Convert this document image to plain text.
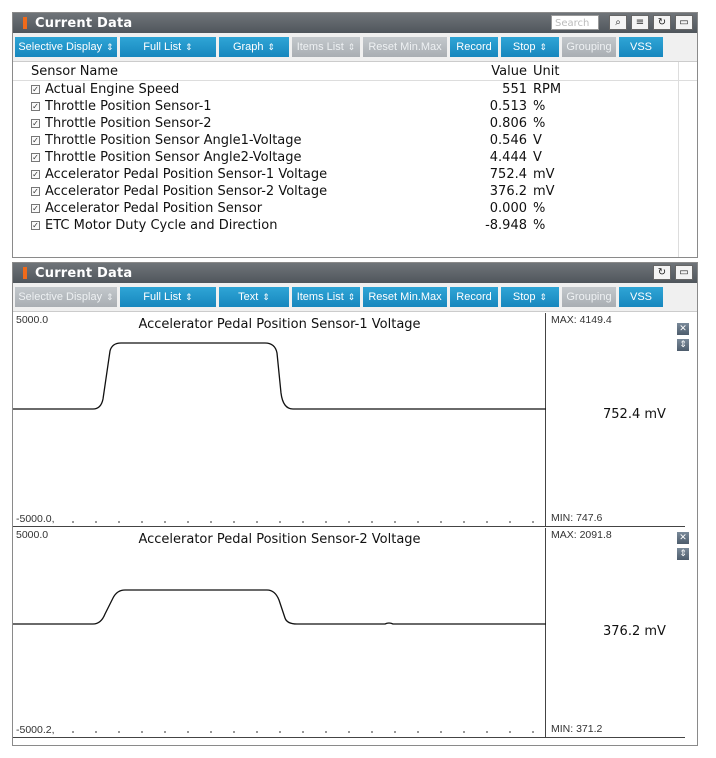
Current Data	Search	⌕	≡	↻	▭
Selective Display ⇕	Full List ⇕	Graph ⇕ Items List ⇕ Reset Min.Max Record Stop ⇕ Grouping VSS
Sensor Name	Value Unit
✓ Actual Engine Speed	551 RPM
✓ Throttle Position Sensor-1	0.513 %
✓ Throttle Position Sensor-2	0.806 %
✓ Throttle Position Sensor Angle1-Voltage	0.546 V
✓ Throttle Position Sensor Angle2-Voltage	4.444 V
✓ Accelerator Pedal Position Sensor-1 Voltage	752.4 mV
✓ Accelerator Pedal Position Sensor-2 Voltage	376.2 mV
✓ Accelerator Pedal Position Sensor	0.000 %
✓ ETC Motor Duty Cycle and Direction	-8.948 %
Current Data	↻	▭
Selective Display ⇕	Full List ⇕	Text ⇕ Items List ⇕ Reset Min.Max Record Stop ⇕ Grouping VSS
Accelerator Pedal Position Sensor-1 Voltage
5000.0
-5000.0,
MAX: 4149.4
752.4 mV
MIN: 747.6
✕
⇕
Accelerator Pedal Position Sensor-2 Voltage
5000.0
-5000.2,
MAX: 2091.8
376.2 mV
MIN: 371.2
✕
⇕
